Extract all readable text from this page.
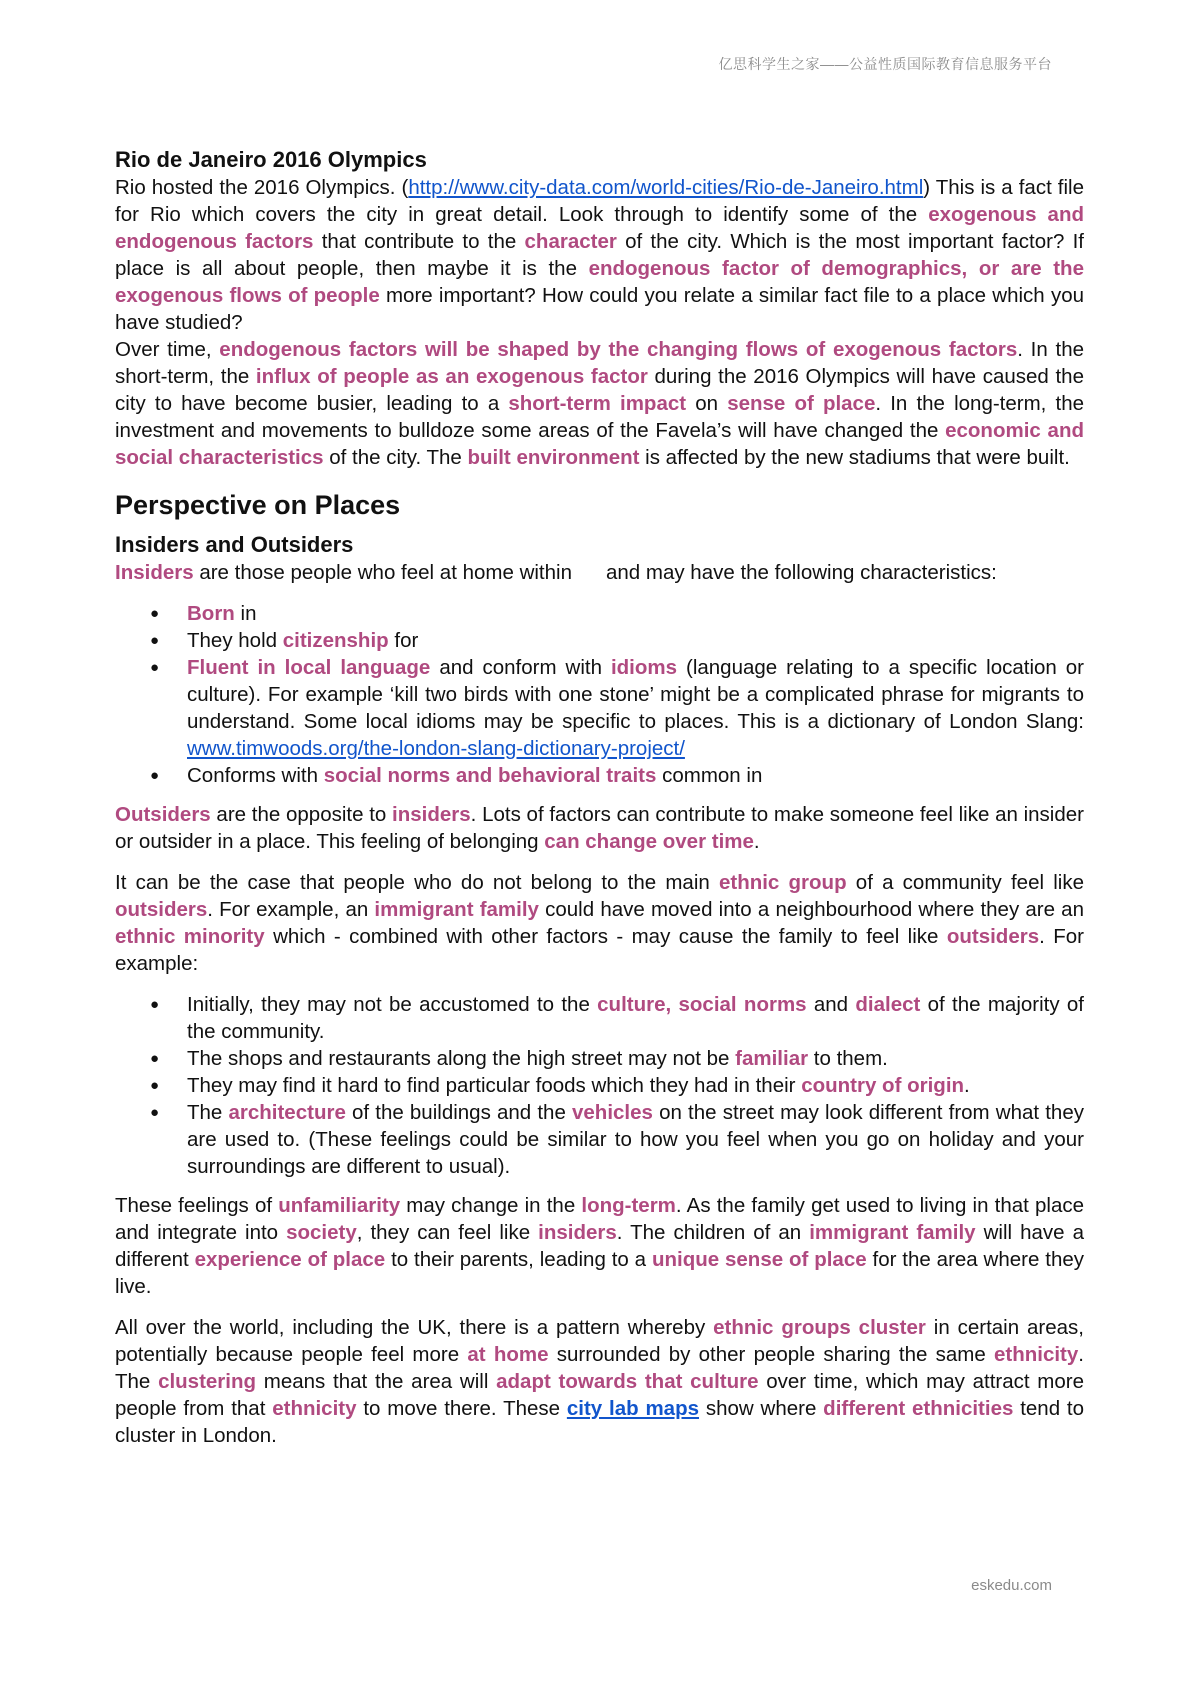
亿思科学生之家——公益性质国际教育信息服务平台
Rio de Janeiro 2016 Olympics

Rio hosted the 2016 Olympics. (http://www.city-data.com/world-cities/Rio-de-Janeiro.html) This is a fact file for Rio which covers the city in great detail. Look through to identify some of the exogenous and endogenous factors that contribute to the character of the city. Which is the most important factor? If place is all about people, then maybe it is the endogenous factor of demographics, or are the exogenous flows of people more important? How could you relate a similar fact file to a place which you have studied?

Over time, endogenous factors will be shaped by the changing flows of exogenous factors. In the short-term, the influx of people as an exogenous factor during the 2016 Olympics will have caused the city to have become busier, leading to a short-term impact on sense of place. In the long-term, the investment and movements to bulldoze some areas of the Favela’s will have changed the economic and social characteristics of the city. The built environment is affected by the new stadiums that were built.

Perspective on Places
Insiders and Outsiders

Insiders are those people who feel at home within and may have the following characteristics:

● Born in
● They hold citizenship for
● Fluent in local language and conform with idioms (language relating to a specific location or culture). For example ‘kill two birds with one stone’ might be a complicated phrase for migrants to understand. Some local idioms may be specific to places. This is a dictionary of London Slang: www.timwoods.org/the-london-slang-dictionary-project/
● Conforms with social norms and behavioral traits common in

Outsiders are the opposite to insiders. Lots of factors can contribute to make someone feel like an insider or outsider in a place. This feeling of belonging can change over time.

It can be the case that people who do not belong to the main ethnic group of a community feel like outsiders. For example, an immigrant family could have moved into a neighbourhood where they are an ethnic minority which - combined with other factors - may cause the family to feel like outsiders. For example:

● Initially, they may not be accustomed to the culture, social norms and dialect of the majority of the community.
● The shops and restaurants along the high street may not be familiar to them.
● They may find it hard to find particular foods which they had in their country of origin.
● The architecture of the buildings and the vehicles on the street may look different from what they are used to. (These feelings could be similar to how you feel when you go on holiday and your surroundings are different to usual).

These feelings of unfamiliarity may change in the long-term. As the family get used to living in that place and integrate into society, they can feel like insiders. The children of an immigrant family will have a different experience of place to their parents, leading to a unique sense of place for the area where they live.

All over the world, including the UK, there is a pattern whereby ethnic groups cluster in certain areas, potentially because people feel more at home surrounded by other people sharing the same ethnicity. The clustering means that the area will adapt towards that culture over time, which may attract more people from that ethnicity to move there. These city lab maps show where different ethnicities tend to cluster in London.

eskedu.com
